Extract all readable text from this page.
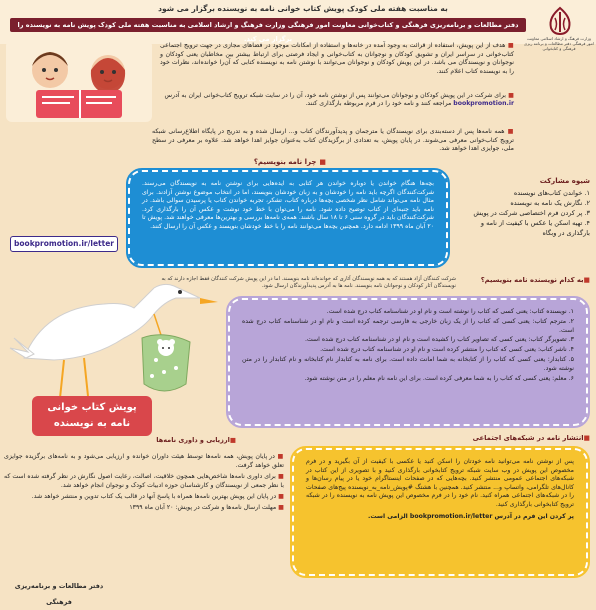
به مناسبت هفته ملی کودک پویش کتاب خوانی نامه به نویسنده برگزار می شود
دفتر مطالعات و برنامه‌ریزی فرهنگی و کتاب‌خوانی معاونت امور فرهنگی وزارت فرهنگ و ارشاد اسلامی به مناسبت هفته ملی کودک پویش نامه به نویسنده را برگزار می کند.	وزارت فرهنگ و ارشاد اسلامی معاونت امور فرهنگی دفتر مطالعات و برنامه ریزی فرهنگی و کتابخوانی

■ هدف از این پویش، استفاده از قرائت به وجود آمده در خانه‌ها و استفاده از امکانات موجود در فضاهای مجازی در جهت ترویج اجتماعی کتاب‌خوانی در سراسر ایران و تشویق کودکان و نوجوانان به کتاب‌خوانی و ایجاد فرصتی برای ارتباط بیشتر بین مخاطبان یعنی کودکان و نوجوانان و نویسندگان می باشد. در این پویش کودکان و نوجوانان می‌توانند با نوشتن نامه به نویسنده کتابی که آن‌را خوانده‌اند، نظرات خود را به نویسنده کتاب اعلام کنند.

■ برای شرکت در این پویش کودکان و نوجوانان می‌توانند پس از نوشتن نامه خود، آن را در سایت شبکه ترویج کتاب‌خوانی ایران به آدرس bookpromotion.ir مراجعه کنند و نامه خود را در فرم مربوطه بارگذاری کنند.
■همه نامه‌ها پس از دسته‌بندی برای نویسندگان یا مترجمان و پدیدآورندگان کتاب و... ارسال شده و به تدریج در پایگاه اطلاع‌رسانی شبکه ترویج کتاب‌خوانی معرفی می‌شوند. در پایان پویش، به تعدادی از برگزیدگان کتاب به‌عنوان جوایز اهدا خواهد شد. علاوه بر معرفی در سطح ملی، جوایزی اهدا خواهد شد.
■چرا نامه بنویسیم؟
بچه‌ها هنگام خواندن یا دوباره خواندن هر کتابی به ایده‌هایی برای نوشتن نامه به نویسندگان می‌رسند. شرکت‌کنندگان اگرچه باید نامه را خودشان و به زبان خودشان بنویسند، اما در انتخاب موضوع نوشتن آزادند. برای مثال نامه می‌تواند شامل نظر شخصی بچه‌ها درباره کتاب، تشکر، تجربه خواندن کتاب یا پرسیدن سوالی باشد. در نامه باید جنبه‌ای از کتاب توضیح داده شود. نامه را می‌توان با خط خود نوشت و عکس آن را بارگذاری کرد. شرکت‌کنندگان باید در گروه سنی ۶ تا ۱۸ سال باشند. همه‌ی نامه‌ها بررسی و بهترین‌ها معرفی خواهند شد. پویش تا ۲۰ آبان ماه ۱۳۹۹ ادامه دارد. همچنین بچه‌ها می‌توانند نامه را با خط خودشان بنویسند و عکس آن را ارسال کنند.
شیوه مشارکت
۱. خواندن کتاب‌های نویسنده
۲. نگارش یک نامه به نویسنده
۳. پر کردن فرم اختصاصی شرکت در پویش
۴. تهیه اسکن یا عکس با کیفیت از نامه و بارگذاری در وبگاه
bookpromotion.ir/letter
■به کدام نویسنده نامه بنویسیم؟
شرکت کنندگان آزاد هستند که به همه نویسندگان آثاری که خوانده‌اند نامه بنویسند. اما در این پویش شرکت کنندگان فقط اجازه دارند که به نویسندگان آثار کودکان و نوجوانان نامه بنویسند. نامه ها به آدرس پدیدآورندگان ارسال شود.

۱. نویسنده کتاب: یعنی کسی که کتاب را نوشته است و نام او در شناسنامه کتاب درج شده است.

۲. مترجم کتاب: یعنی کسی که کتاب را از یک زبان خارجی به فارسی ترجمه کرده است و نام او در شناسنامه کتاب درج شده است.

۳. تصویرگر کتاب: یعنی کسی که تصاویر کتاب را کشیده است و نام او در شناسنامه کتاب درج شده است.

۴. ناشر کتاب: یعنی کسی که کتاب را منتشر کرده است و نام او در شناسنامه کتاب درج شده است.

۵. کتابدار: یعنی کسی که کتاب را از کتابخانه به شما امانت داده است. برای نامه به کتابدار نام کتابخانه و نام کتابدار را در متن نوشته شود.

۶. معلم: یعنی کسی که کتاب را به شما معرفی کرده است. برای این نامه نام معلم را در متن نوشته شود.

پویش کتاب خوانی
نامه به نویسنده
■ارزیابی و داوری نامه‌ها

■ در پایان پویش، همه نامه‌ها توسط هیئت داوران خوانده و ارزیابی می‌شود و به نامه‌های برگزیده جوایزی تعلق خواهد گرفت.

■ برای داوری نامه‌ها شاخص‌هایی همچون خلاقیت، اصالت، رعایت اصول نگارش در نظر گرفته شده است که با نظر جمعی از نویسندگان و کارشناسان حوزه ادبیات کودک و نوجوان انجام خواهد شد.

■ در پایان این پویش بهترین نامه‌ها همراه با پاسخ آنها در قالب یک کتاب تدوین و منتشر خواهد شد.

■ مهلت ارسال نامه‌ها و شرکت در پویش: ۲۰ آبان ماه ۱۳۹۹

■انتشار نامه در شبکه‌های اجتماعی
پس از نوشتن نامه می‌توانید نامه خودتان را اسکن کنید یا عکسی با کیفیت از آن بگیرید و در فرم مخصوص این پویش در وب سایت شبکه ترویج کتابخوانی بارگذاری کنید و با تصویری از این کتاب در شبکه‌های اجتماعی عمومی منتشر کنید. بچه‌هایی که در صفحات اینستاگرام خود یا در پیام رسان‌ها و کانال‌های تلگرامی، واتساپ و... منتشر کنید. همچنین با هشتگ #پویش_نامه_به_نویسنده پیج‌های صفحات را در شبکه‌های اجتماعی همراه کنید. نام خود را در فرم مخصوص این پویش نامه به نویسنده را در شبکه ترویج کتابخوانی بارگذاری کنید.
پر کردن این فرم در آدرس bookpromotion.ir/letter الزامی است.
دفتر مطالعات و برنامه‌ریزی فرهنگی
